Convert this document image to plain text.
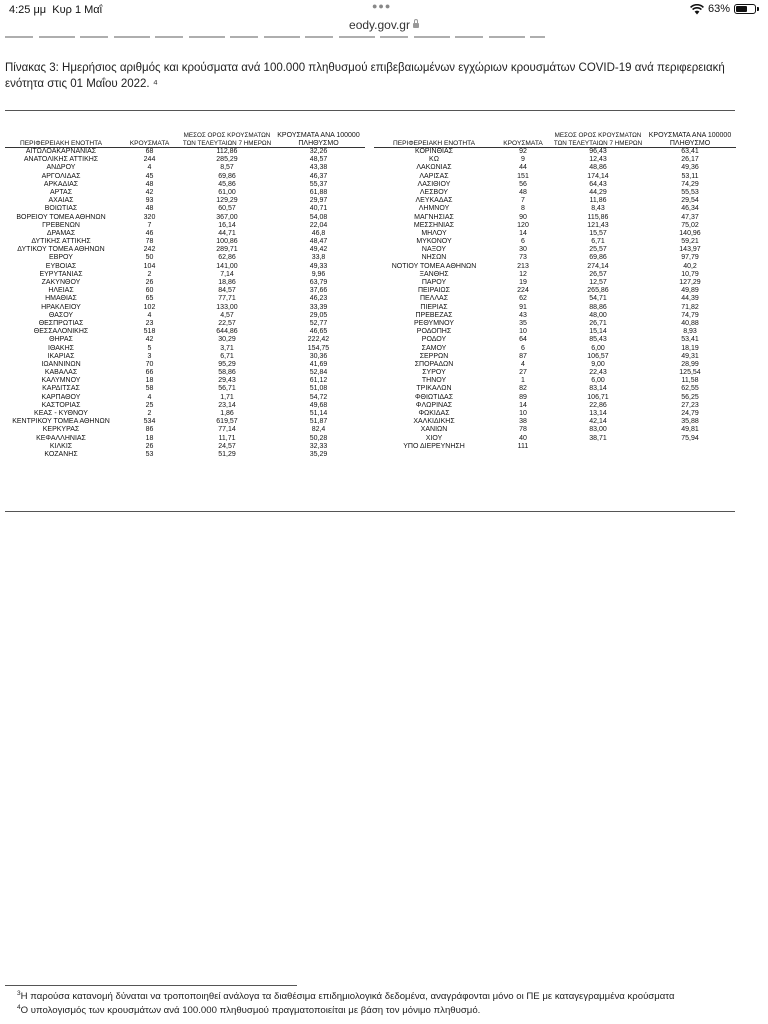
4:25 μμ Κυρ 1 Μαΐ	●●●	63%
eody.gov.gr
Πίνακας 3: Ημερήσιος αριθμός και κρούσματα ανά 100.000 πληθυσμού επιβεβαιωμένων εγχώριων κρουσμάτων COVID-19 ανά περιφερειακή ενότητα στις 01 Μαΐου 2022. ⁴
ΠΕΡΙΦΕΡΕΙΑΚΗ ΕΝΟΤΗΤΑ	ΚΡΟΥΣΜΑΤΑ
ΜΕΣΟΣ ΟΡΟΣ ΚΡΟΥΣΜΑΤΩΝ
ΤΩΝ ΤΕΛΕΥΤΑΙΩΝ 7 ΗΜΕΡΩΝ
ΚΡΟΥΣΜΑΤΑ ΑΝΑ 100000
ΠΛΗΘΥΣΜΟ
ΑΙΤΩΛΟΑΚΑΡΝΑΝΙΑΣ	68	112,86	32,26
ΑΝΑΤΟΛΙΚΗΣ ΑΤΤΙΚΗΣ	244	285,29	48,57
ΑΝΔΡΟΥ	4	8,57	43,38
ΑΡΓΟΛΙΔΑΣ	45	69,86	46,37
ΑΡΚΑΔΙΑΣ	48	45,86	55,37
ΑΡΤΑΣ	42	61,00	61,88
ΑΧΑΪΑΣ	93	129,29	29,97
ΒΟΙΩΤΙΑΣ	48	60,57	40,71
ΒΟΡΕΙΟΥ ΤΟΜΕΑ ΑΘΗΝΩΝ	320	367,00	54,08
ΓΡΕΒΕΝΩΝ	7	16,14	22,04
ΔΡΑΜΑΣ	46	44,71	46,8
ΔΥΤΙΚΗΣ ΑΤΤΙΚΗΣ	78	100,86	48,47
ΔΥΤΙΚΟΥ ΤΟΜΕΑ ΑΘΗΝΩΝ	242	289,71	49,42
ΕΒΡΟΥ	50	62,86	33,8
ΕΥΒΟΙΑΣ	104	141,00	49,33
ΕΥΡΥΤΑΝΙΑΣ	2	7,14	9,96
ΖΑΚΥΝΘΟΥ	26	18,86	63,79
ΗΛΕΙΑΣ	60	84,57	37,66
ΗΜΑΘΙΑΣ	65	77,71	46,23
ΗΡΑΚΛΕΙΟΥ	102	133,00	33,39
ΘΑΣΟΥ	4	4,57	29,05
ΘΕΣΠΡΩΤΙΑΣ	23	22,57	52,77
ΘΕΣΣΑΛΟΝΙΚΗΣ	518	644,86	46,65
ΘΗΡΑΣ	42	30,29	222,42
ΙΘΑΚΗΣ	5	3,71	154,75
ΙΚΑΡΙΑΣ	3	6,71	30,36
ΙΩΑΝΝΙΝΩΝ	70	95,29	41,69
ΚΑΒΑΛΑΣ	66	58,86	52,84
ΚΑΛΥΜΝΟΥ	18	29,43	61,12
ΚΑΡΔΙΤΣΑΣ	58	56,71	51,08
ΚΑΡΠΑΘΟΥ	4	1,71	54,72
ΚΑΣΤΟΡΙΑΣ	25	23,14	49,68
ΚΕΑΣ - ΚΥΘΝΟΥ	2	1,86	51,14
ΚΕΝΤΡΙΚΟΥ ΤΟΜΕΑ ΑΘΗΝΩΝ	534	619,57	51,87
ΚΕΡΚΥΡΑΣ	86	77,14	82,4
ΚΕΦΑΛΛΗΝΙΑΣ	18	11,71	50,28
ΚΙΛΚΙΣ	26	24,57	32,33
ΚΟΖΑΝΗΣ	53	51,29	35,29
ΠΕΡΙΦΕΡΕΙΑΚΗ ΕΝΟΤΗΤΑ	ΚΡΟΥΣΜΑΤΑ
ΜΕΣΟΣ ΟΡΟΣ ΚΡΟΥΣΜΑΤΩΝ
ΤΩΝ ΤΕΛΕΥΤΑΙΩΝ 7 ΗΜΕΡΩΝ
ΚΡΟΥΣΜΑΤΑ ΑΝΑ 100000
ΠΛΗΘΥΣΜΟ
ΚΟΡΙΝΘΙΑΣ	92	96,43	63,41
ΚΩ	9	12,43	26,17
ΛΑΚΩΝΙΑΣ	44	48,86	49,36
ΛΑΡΙΣΑΣ	151	174,14	53,11
ΛΑΣΙΘΙΟΥ	56	64,43	74,29
ΛΕΣΒΟΥ	48	44,29	55,53
ΛΕΥΚΑΔΑΣ	7	11,86	29,54
ΛΗΜΝΟΥ	8	8,43	46,34
ΜΑΓΝΗΣΙΑΣ	90	115,86	47,37
ΜΕΣΣΗΝΙΑΣ	120	121,43	75,02
ΜΗΛΟΥ	14	15,57	140,96
ΜΥΚΟΝΟΥ	6	6,71	59,21
ΝΑΞΟΥ	30	25,57	143,97
ΝΗΣΩΝ	73	69,86	97,79
ΝΟΤΙΟΥ ΤΟΜΕΑ ΑΘΗΝΩΝ	213	274,14	40,2
ΞΑΝΘΗΣ	12	26,57	10,79
ΠΑΡΟΥ	19	12,57	127,29
ΠΕΙΡΑΙΩΣ	224	265,86	49,89
ΠΕΛΛΑΣ	62	54,71	44,39
ΠΙΕΡΙΑΣ	91	88,86	71,82
ΠΡΕΒΕΖΑΣ	43	48,00	74,79
ΡΕΘΥΜΝΟΥ	35	26,71	40,88
ΡΟΔΟΠΗΣ	10	15,14	8,93
ΡΟΔΟΥ	64	85,43	53,41
ΣΑΜΟΥ	6	6,00	18,19
ΣΕΡΡΩΝ	87	106,57	49,31
ΣΠΟΡΑΔΩΝ	4	9,00	28,99
ΣΥΡΟΥ	27	22,43	125,54
ΤΗΝΟΥ	1	6,00	11,58
ΤΡΙΚΑΛΩΝ	82	83,14	62,55
ΦΘΙΩΤΙΔΑΣ	89	106,71	56,25
ΦΛΩΡΙΝΑΣ	14	22,86	27,23
ΦΩΚΙΔΑΣ	10	13,14	24,79
ΧΑΛΚΙΔΙΚΗΣ	38	42,14	35,88
ΧΑΝΙΩΝ	78	83,00	49,81
ΧΙΟΥ	40	38,71	75,94
ΥΠΟ ΔΙΕΡΕΥΝΗΣΗ	111
$^3$Η παρούσα κατανομή δύναται να τροποποιηθεί ανάλογα τα διαθέσιμα επιδημιολογικά δεδομένα, αναγράφονται μόνο οι ΠΕ με καταγεγραμμένα κρούσματα
$^4$Ο υπολογισμός των κρουσμάτων ανά 100.000 πληθυσμού πραγματοποιείται με βάση τον μόνιμο πληθυσμό.
